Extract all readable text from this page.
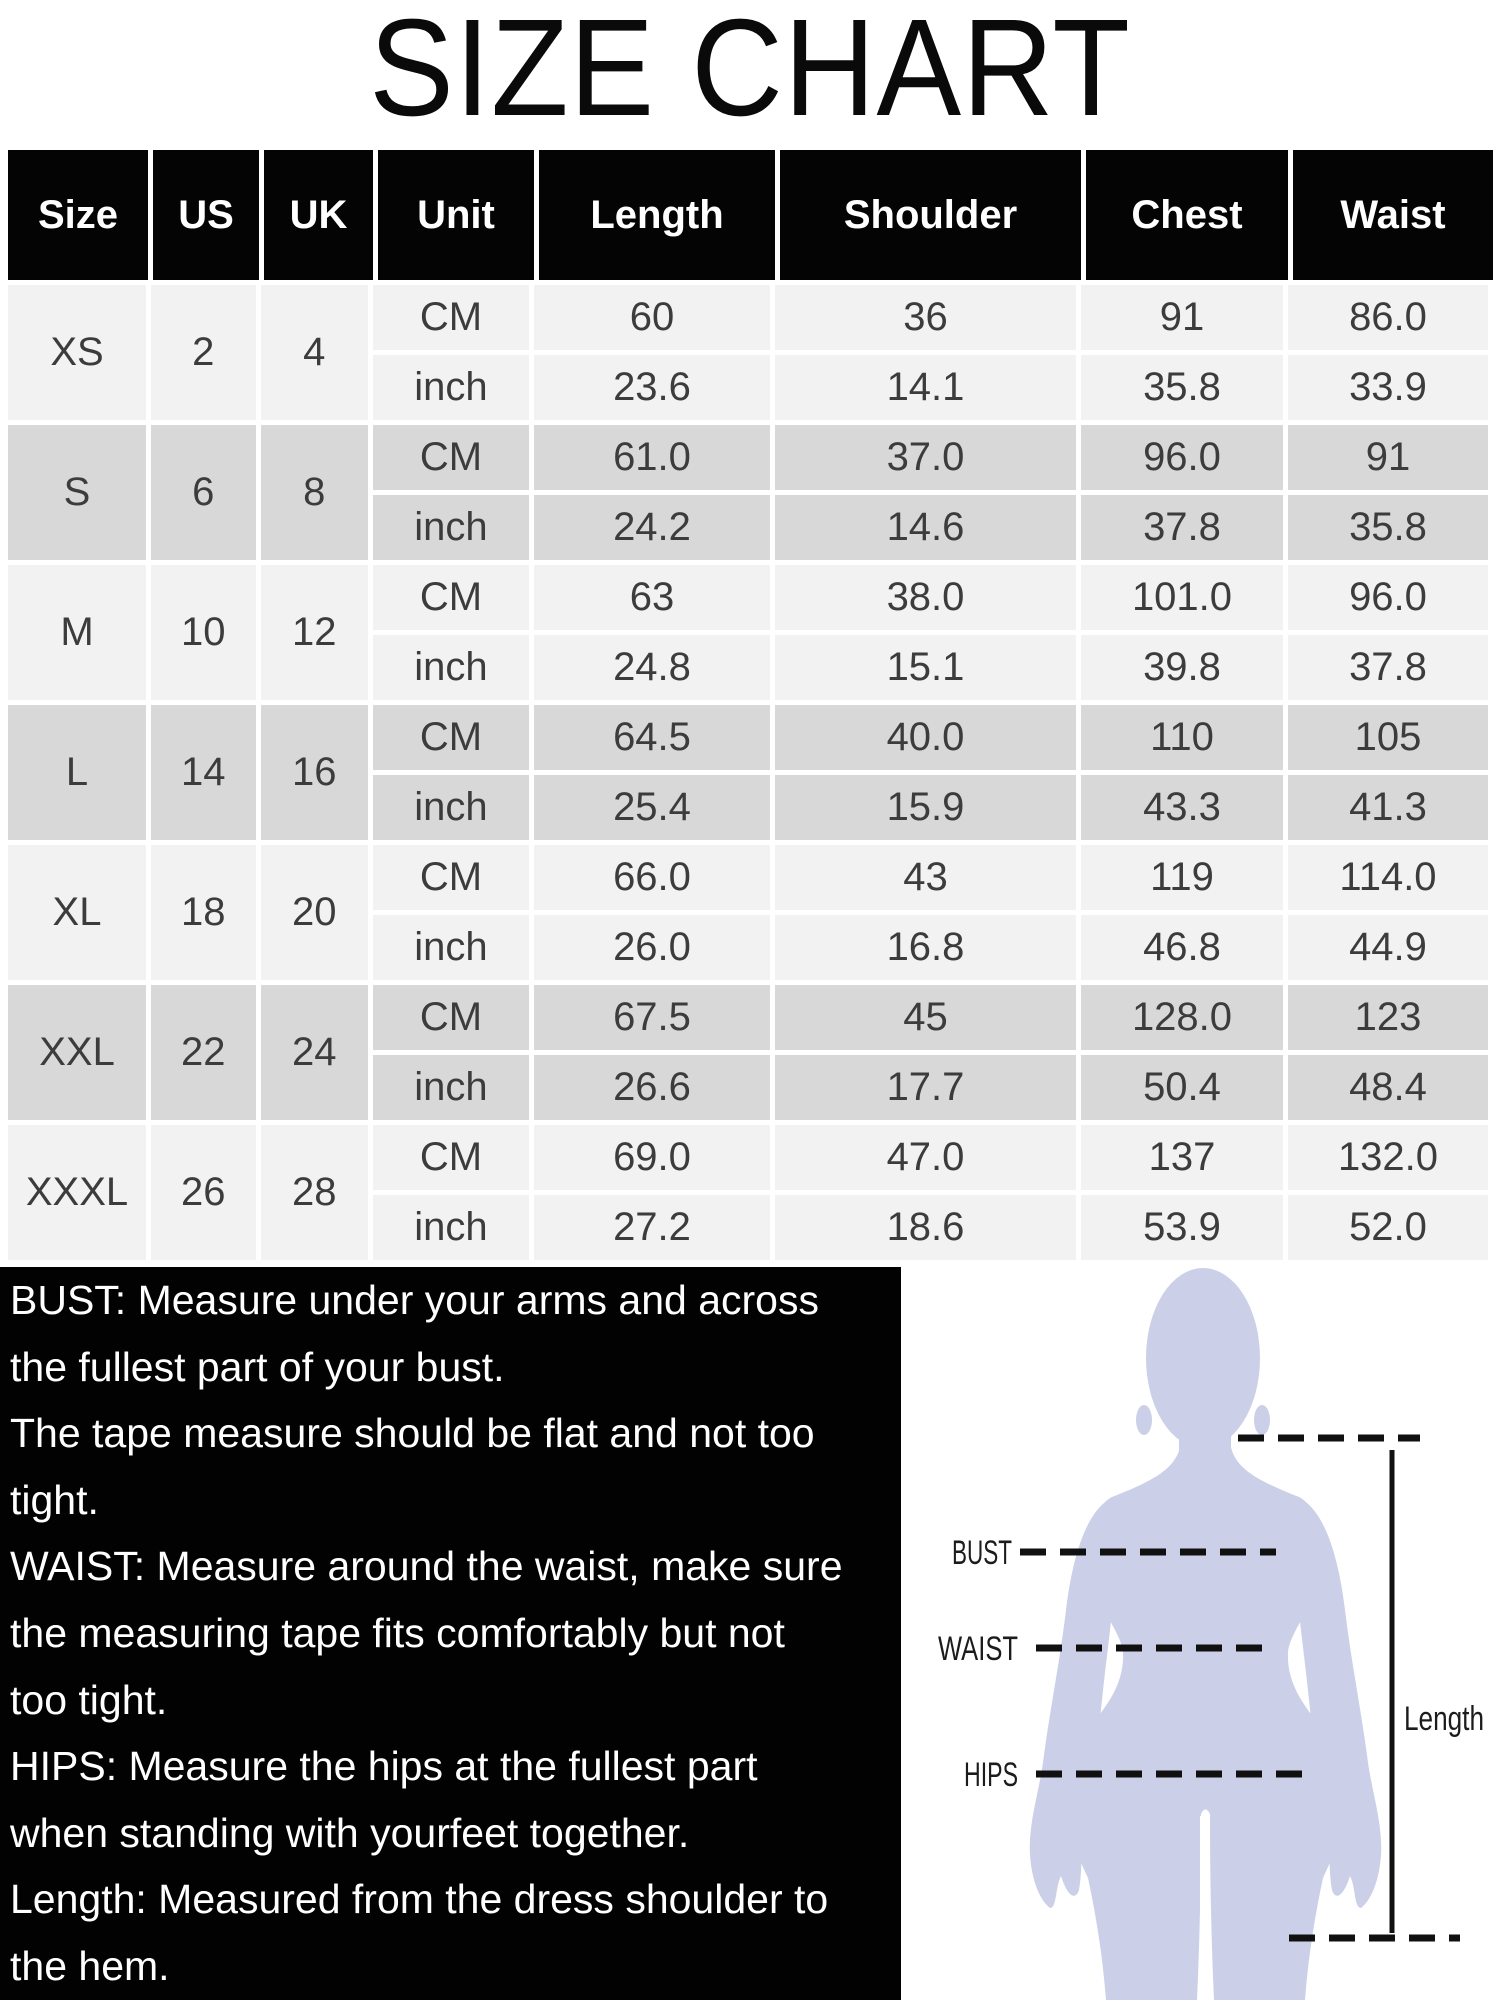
SIZE CHART
Size	US	UK	Unit	Length	Shoulder	Chest	Waist
XS	2	4
CM	60	36	91	86.0
inch	23.6	14.1	35.8	33.9
S	6	8
CM	61.0	37.0	96.0	91
inch	24.2	14.6	37.8	35.8
M	10	12
CM	63	38.0	101.0	96.0
inch	24.8	15.1	39.8	37.8
L	14	16
CM	64.5	40.0	110	105
inch	25.4	15.9	43.3	41.3
XL	18	20
CM	66.0	43	119	114.0
inch	26.0	16.8	46.8	44.9
XXL	22	24
CM	67.5	45	128.0	123
inch	26.6	17.7	50.4	48.4
XXXL	26	28
CM	69.0	47.0	137	132.0
inch	27.2	18.6	53.9	52.0
BUST: Measure under your arms and across
the fullest part of your bust.
The tape measure should be flat and not too
tight.
WAIST: Measure around the waist, make sure
the measuring tape fits comfortably but not
too tight.
HIPS: Measure the hips at the fullest part
when standing with yourfeet together.
Length: Measured from the dress shoulder to
the hem.
BUST
WAIST
HIPS
Length
